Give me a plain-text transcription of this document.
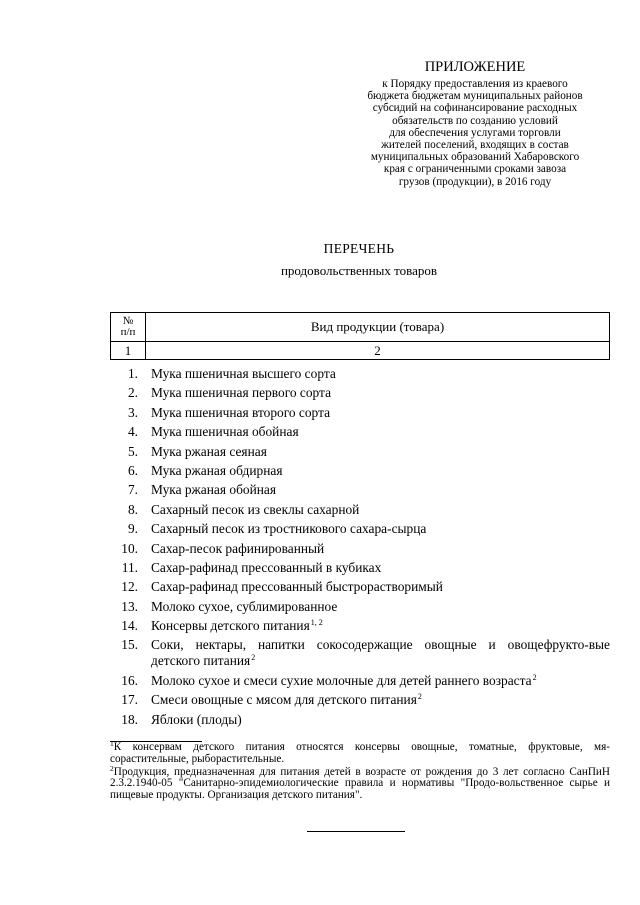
ПРИЛОЖЕНИЕ
к Порядку предоставления из краевого
бюджета бюджетам муниципальных районов
субсидий на софинансирование расходных
обязательств по созданию условий
для обеспечения услугами торговли
жителей поселений, входящих в состав
муниципальных образований Хабаровского
края с ограниченными сроками завоза
грузов (продукции), в 2016 году
ПЕРЕЧЕНЬ
продовольственных товаров
№
п/п	Вид продукции (товара)
1	2
1. Мука пшеничная высшего сорта
2. Мука пшеничная первого сорта
3. Мука пшеничная второго сорта
4. Мука пшеничная обойная
5. Мука ржаная сеяная
6. Мука ржаная обдирная
7. Мука ржаная обойная
8. Сахарный песок из свеклы сахарной
9. Сахарный песок из тростникового сахара-сырца
10. Сахар-песок рафинированный
11. Сахар-рафинад прессованный в кубиках
12. Сахар-рафинад прессованный быстрорастворимый
13. Молоко сухое, сублимированное
14. Консервы детского питания$^{1, 2}$
15. Соки, нектары, напитки сокосодержащие овощные и овощефрукто-вые детского питания$^2$
16. Молоко сухое и смеси сухие молочные для детей раннего возраста$^2$
17. Смеси овощные с мясом для детского питания$^2$
18. Яблоки (плоды)
$^1$К консервам детского питания относятся консервы овощные, томатные, фруктовые, мя-сорастительные, рыборастительные.
$^2$Продукция, предназначенная для питания детей в возрасте от рождения до 3 лет согласно СанПиН 2.3.2.1940-05 "Санитарно-эпидемиологические правила и нормативы "Продо-вольственное сырье и пищевые продукты. Организация детского питания".
